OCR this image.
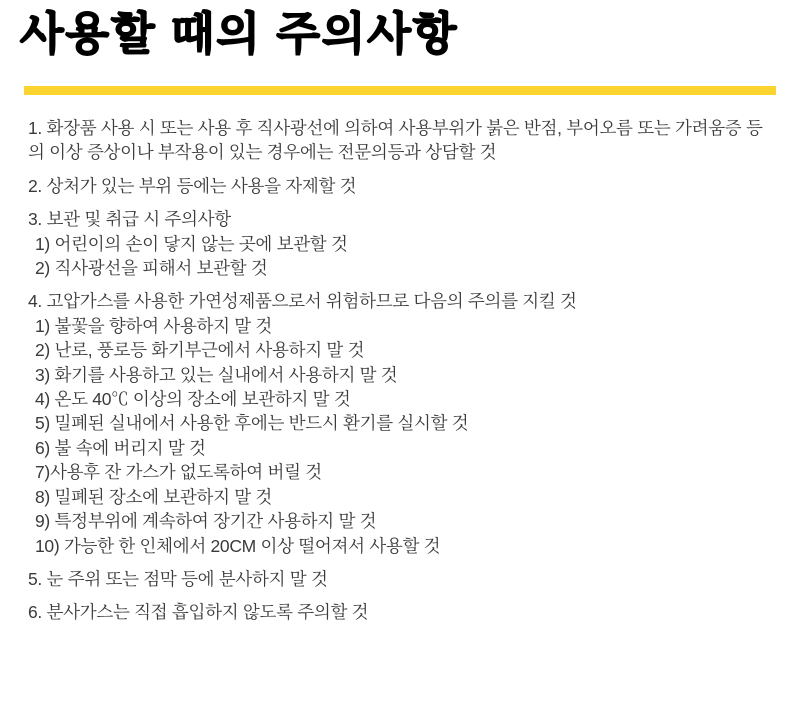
사용할 때의 주의사항

1. 화장품 사용 시 또는 사용 후 직사광선에 의하여 사용부위가 붉은 반점, 부어오름 또는 가려움증 등의 이상 증상이나 부작용이 있는 경우에는 전문의등과 상담할 것

2. 상처가 있는 부위 등에는 사용을 자제할 것

3. 보관 및 취급 시 주의사항

1) 어린이의 손이 닿지 않는 곳에 보관할 것

2) 직사광선을 피해서 보관할 것

4. 고압가스를 사용한 가연성제품으로서 위험하므로 다음의 주의를 지킬 것

1) 불꽃을 향하여 사용하지 말 것

2) 난로, 풍로등 화기부근에서 사용하지 말 것

3) 화기를 사용하고 있는 실내에서 사용하지 말 것

4) 온도 40℃ 이상의 장소에 보관하지 말 것

5) 밀폐된 실내에서 사용한 후에는 반드시 환기를 실시할 것

6) 불 속에 버리지 말 것

7)사용후 잔 가스가 없도록하여 버릴 것

8) 밀폐된 장소에 보관하지 말 것

9) 특정부위에 계속하여 장기간 사용하지 말 것

10) 가능한 한 인체에서 20CM 이상 떨어져서 사용할 것

5. 눈 주위 또는 점막 등에 분사하지 말 것

6. 분사가스는 직접 흡입하지 않도록 주의할 것
